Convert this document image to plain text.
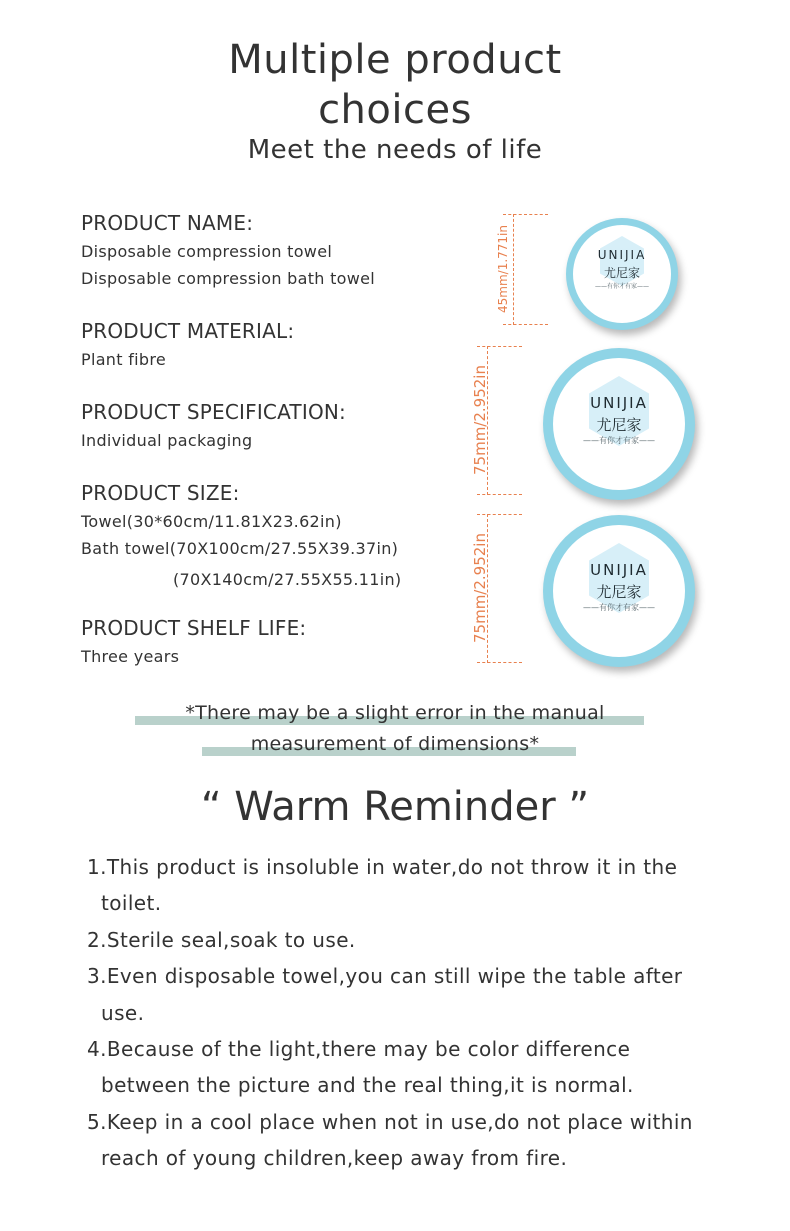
Multiple product
choices
Meet the needs of life
PRODUCT NAME:
Disposable compression towel
Disposable compression bath towel
PRODUCT MATERIAL:
Plant fibre
PRODUCT SPECIFICATION:
Individual packaging
PRODUCT SIZE:
Towel(30*60cm/11.81X23.62in)
Bath towel(70X100cm/27.55X39.37in)
(70X140cm/27.55X55.11in)
PRODUCT SHELF LIFE:
Three years
45mm/1.771in
75mm/2.952in
75mm/2.952in
UNIJIA
尤尼家
——有你才有家——
UNIJIA
尤尼家
——有你才有家——
UNIJIA
尤尼家
——有你才有家——
*There may be a slight error in the manual
measurement of dimensions*
“ Warm Reminder ”
1.This product is insoluble in water,do not throw it in the
toilet.
2.Sterile seal,soak to use.
3.Even disposable towel,you can still wipe the table after
use.
4.Because of the light,there may be color difference
between the picture and the real thing,it is normal.
5.Keep in a cool place when not in use,do not place within
reach of young children,keep away from fire.
